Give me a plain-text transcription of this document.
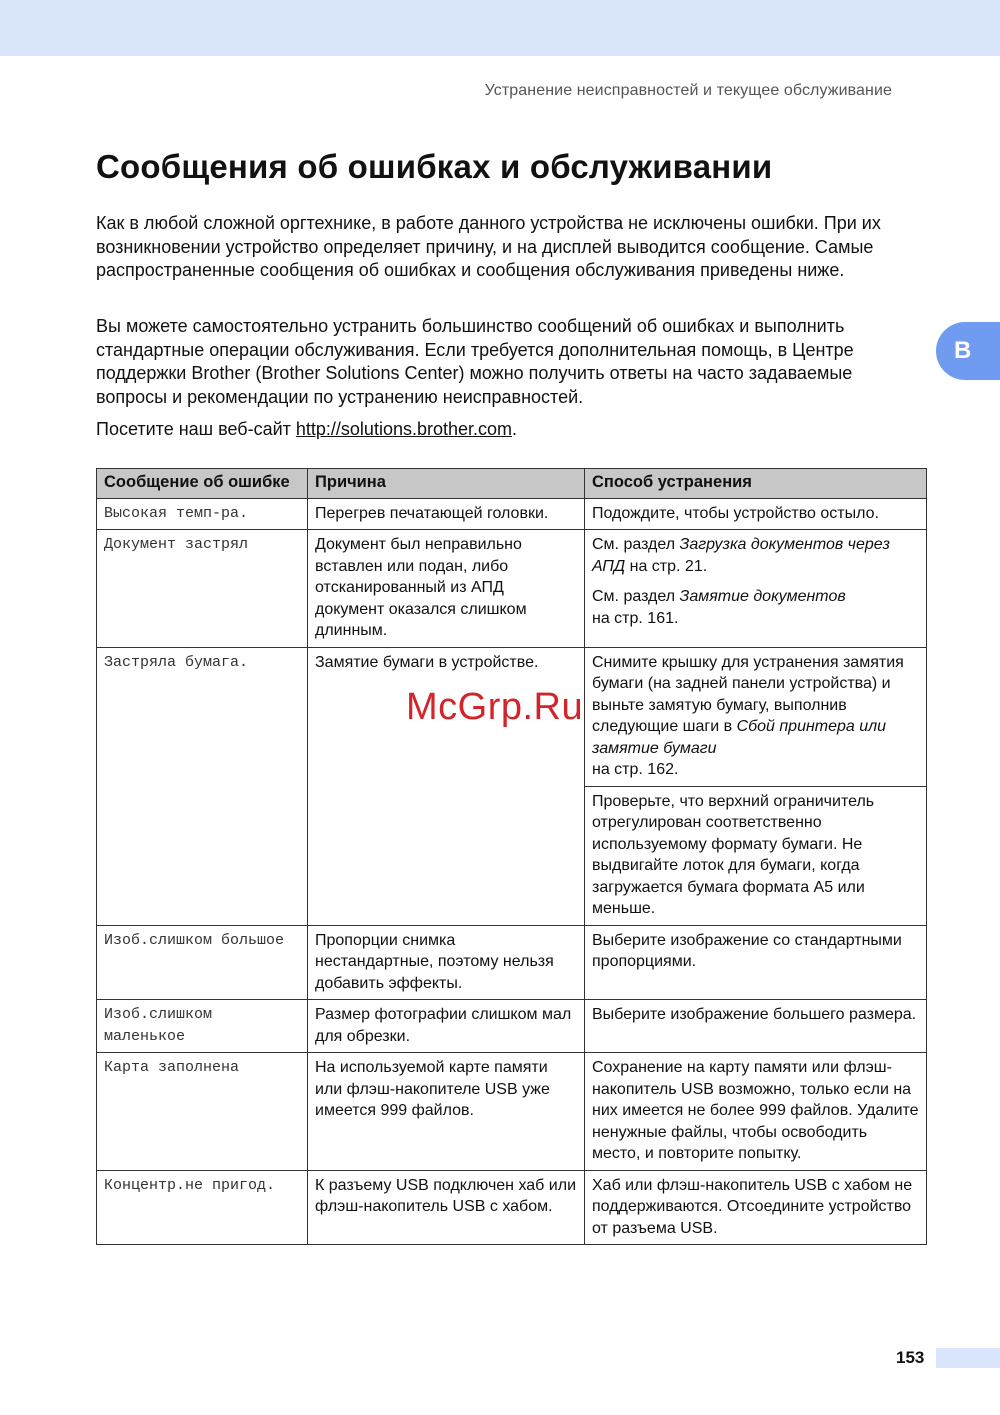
Устранение неисправностей и текущее обслуживание
B
Сообщения об ошибках и обслуживании

Как в любой сложной оргтехнике, в работе данного устройства не исключены ошибки. При их возникновении устройство определяет причину, и на дисплей выводится сообщение. Самые распространенные сообщения об ошибках и сообщения обслуживания приведены ниже.

Вы можете самостоятельно устранить большинство сообщений об ошибках и выполнить стандартные операции обслуживания. Если требуется дополнительная помощь, в Центре поддержки Brother (Brother Solutions Center) можно получить ответы на часто задаваемые вопросы и рекомендации по устранению неисправностей.

Посетите наш веб-сайт http://solutions.brother.com.

Сообщение об ошибке	Причина	Способ устранения
Высокая темп-ра.	Перегрев печатающей головки.	Подождите, чтобы устройство остыло.
Документ застрял	Документ был неправильно вставлен или подан, либо отсканированный из АПД документ оказался слишком длинным.	См. раздел Загрузка документов через АПД на стр. 21.
См. раздел Замятие документов
на стр. 161.
Застряла бумага.	Замятие бумаги в устройстве.	Снимите крышку для устранения замятия бумаги (на задней панели устройства) и выньте замятую бумагу, выполнив следующие шаги в Сбой принтера или замятие бумаги
на стр. 162.
		Проверьте, что верхний ограничитель отрегулирован соответственно используемому формату бумаги. Не выдвигайте лоток для бумаги, когда загружается бумага формата A5 или меньше.
Изоб.слишком большое	Пропорции снимка нестандартные, поэтому нельзя добавить эффекты.	Выберите изображение со стандартными пропорциями.
Изоб.слишком маленькое	Размер фотографии слишком мал для обрезки.	Выберите изображение большего размера.
Карта заполнена	На используемой карте памяти или флэш-накопителе USB уже имеется 999 файлов.	Сохранение на карту памяти или флэш-накопитель USB возможно, только если на них имеется не более 999 файлов. Удалите ненужные файлы, чтобы освободить место, и повторите попытку.
Концентр.не пригод.	К разъему USB подключен хаб или флэш-накопитель USB с хабом.	Хаб или флэш-накопитель USB с хабом не поддерживаются. Отсоедините устройство от разъема USB.
McGrp.Ru
153
